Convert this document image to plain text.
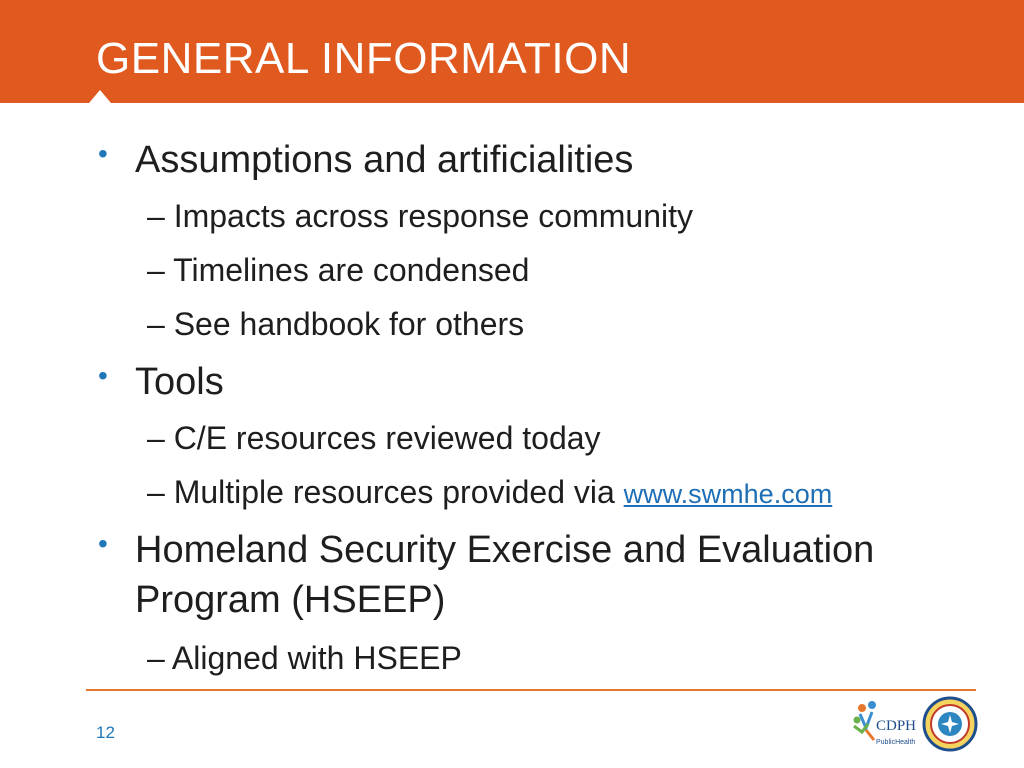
GENERAL INFORMATION
• Assumptions and artificialities
– Impacts across response community
– Timelines are condensed
– See handbook for others
• Tools
– C/E resources reviewed today
– Multiple resources provided via www.swmhe.com
• Homeland Security Exercise and Evaluation
Program (HSEEP)
– Aligned with HSEEP
12	CDPH
PublicHealth
